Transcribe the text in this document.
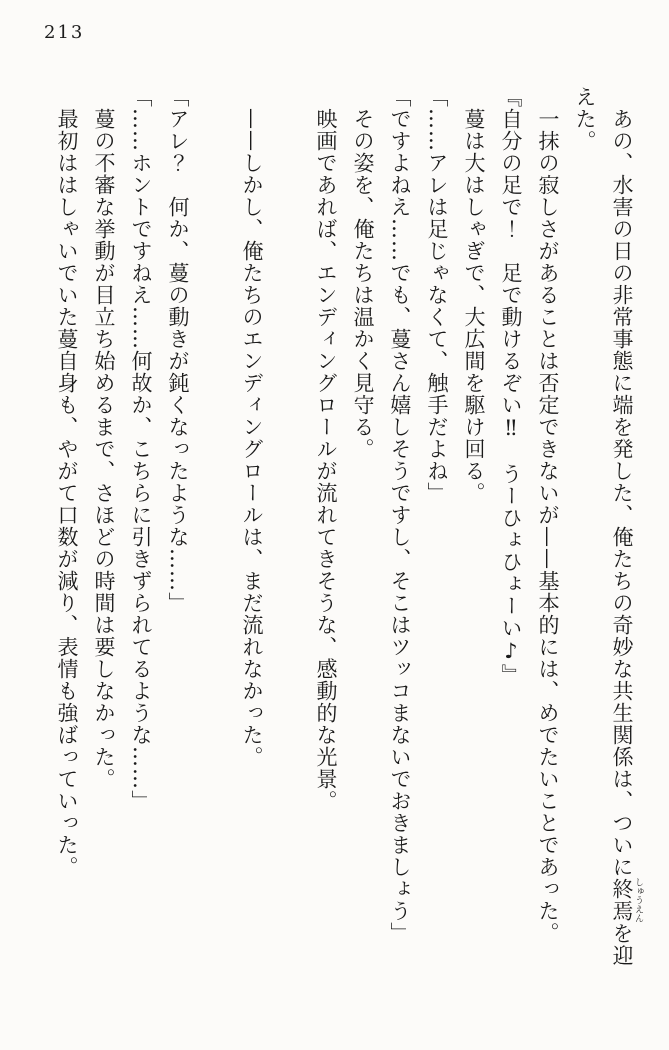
213

あの、水害の日の非常事態に端を発した、俺たちの奇妙な共生関係は、ついに終焉 しゅうえんを迎

えた。

一抹の寂しさがあることは否定できないが——基本的には、めでたいことであった。

『自分の足で！　足で動けるぞい‼　うーひょひょーい♪』

蔓は大はしゃぎで、大広間を駆け回る。

「……アレは足じゃなくて、触手だよね」

「ですよねえ……でも、蔓さん嬉しそうですし、そこはツッコまないでおきましょう」

その姿を、俺たちは温かく見守る。

映画であれば、エンディングロールが流れてきそうな、感動的な光景。

——しかし、俺たちのエンディングロールは、まだ流れなかった。

「アレ？　何か、蔓の動きが鈍くなったような……」

「……ホントですねえ……何故か、こちらに引きずられてるような……」

蔓の不審な挙動が目立ち始めるまで、さほどの時間は要しなかった。

最初ははしゃいでいた蔓自身も、やがて口数が減り、表情も強ばっていった。
